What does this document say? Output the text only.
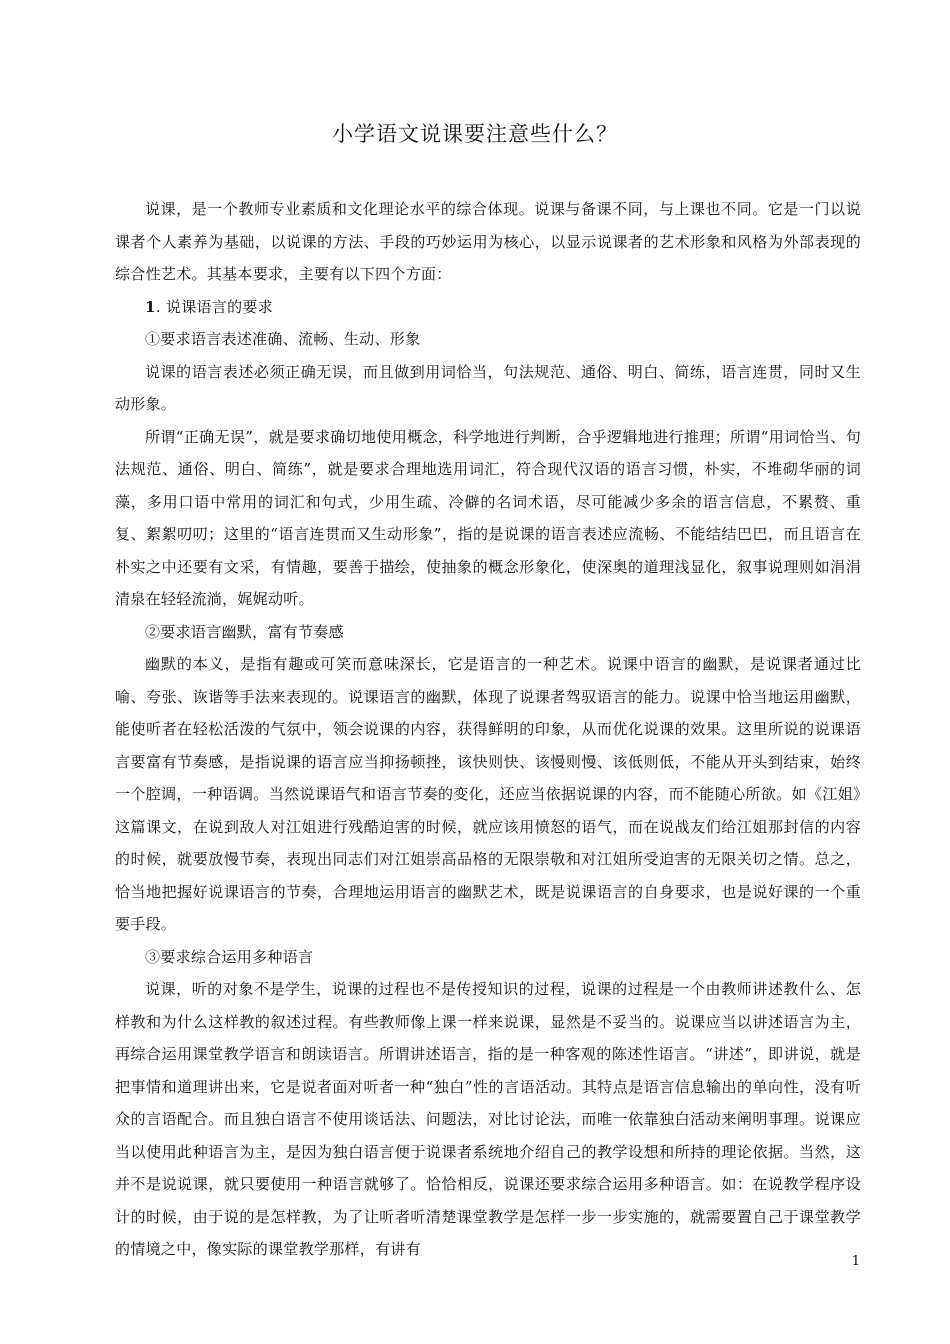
小学语文说课要注意些什么？

说课，是一个教师专业素质和文化理论水平的综合体现。说课与备课不同，与上课也不同。它是一门以说课者个人素养为基础，以说课的方法、手段的巧妙运用为核心，以显示说课者的艺术形象和风格为外部表现的综合性艺术。其基本要求，主要有以下四个方面：

1. 说课语言的要求

①要求语言表述准确、流畅、生动、形象

说课的语言表述必须正确无误，而且做到用词恰当，句法规范、通俗、明白、简练，语言连贯，同时又生动形象。

所谓“正确无误”，就是要求确切地使用概念，科学地进行判断，合乎逻辑地进行推理；所谓“用词恰当、句法规范、通俗、明白、简练”，就是要求合理地选用词汇，符合现代汉语的语言习惯，朴实，不堆砌华丽的词藻，多用口语中常用的词汇和句式，少用生疏、冷僻的名词术语，尽可能减少多余的语言信息，不累赘、重复、絮絮叨叨；这里的“语言连贯而又生动形象”，指的是说课的语言表述应流畅、不能结结巴巴，而且语言在朴实之中还要有文采，有情趣，要善于描绘，使抽象的概念形象化，使深奥的道理浅显化，叙事说理则如涓涓清泉在轻轻流淌，娓娓动听。

②要求语言幽默，富有节奏感

幽默的本义，是指有趣或可笑而意味深长，它是语言的一种艺术。说课中语言的幽默，是说课者通过比喻、夸张、诙谐等手法来表现的。说课语言的幽默，体现了说课者驾驭语言的能力。说课中恰当地运用幽默，能使听者在轻松活泼的气氛中，领会说课的内容，获得鲜明的印象，从而优化说课的效果。这里所说的说课语言要富有节奏感，是指说课的语言应当抑扬顿挫，该快则快、该慢则慢、该低则低，不能从开头到结束，始终一个腔调，一种语调。当然说课语气和语言节奏的变化，还应当依据说课的内容，而不能随心所欲。如《江姐》这篇课文，在说到敌人对江姐进行残酷迫害的时候，就应该用愤怒的语气，而在说战友们给江姐那封信的内容的时候，就要放慢节奏，表现出同志们对江姐崇高品格的无限崇敬和对江姐所受迫害的无限关切之情。总之，恰当地把握好说课语言的节奏，合理地运用语言的幽默艺术，既是说课语言的自身要求，也是说好课的一个重要手段。

③要求综合运用多种语言

说课，听的对象不是学生，说课的过程也不是传授知识的过程，说课的过程是一个由教师讲述教什么、怎样教和为什么这样教的叙述过程。有些教师像上课一样来说课，显然是不妥当的。说课应当以讲述语言为主，再综合运用课堂教学语言和朗读语言。所谓讲述语言，指的是一种客观的陈述性语言。“讲述”，即讲说，就是把事情和道理讲出来，它是说者面对听者一种“独白”性的言语活动。其特点是语言信息输出的单向性，没有听众的言语配合。而且独白语言不使用谈话法、问题法，对比讨论法，而唯一依靠独白活动来阐明事理。说课应当以使用此种语言为主，是因为独白语言便于说课者系统地介绍自己的教学设想和所持的理论依据。当然，这并不是说说课，就只要使用一种语言就够了。恰恰相反，说课还要求综合运用多种语言。如：在说教学程序设计的时候，由于说的是怎样教，为了让听者听清楚课堂教学是怎样一步一步实施的，就需要置自己于课堂教学的情境之中，像实际的课堂教学那样，有讲有

1
